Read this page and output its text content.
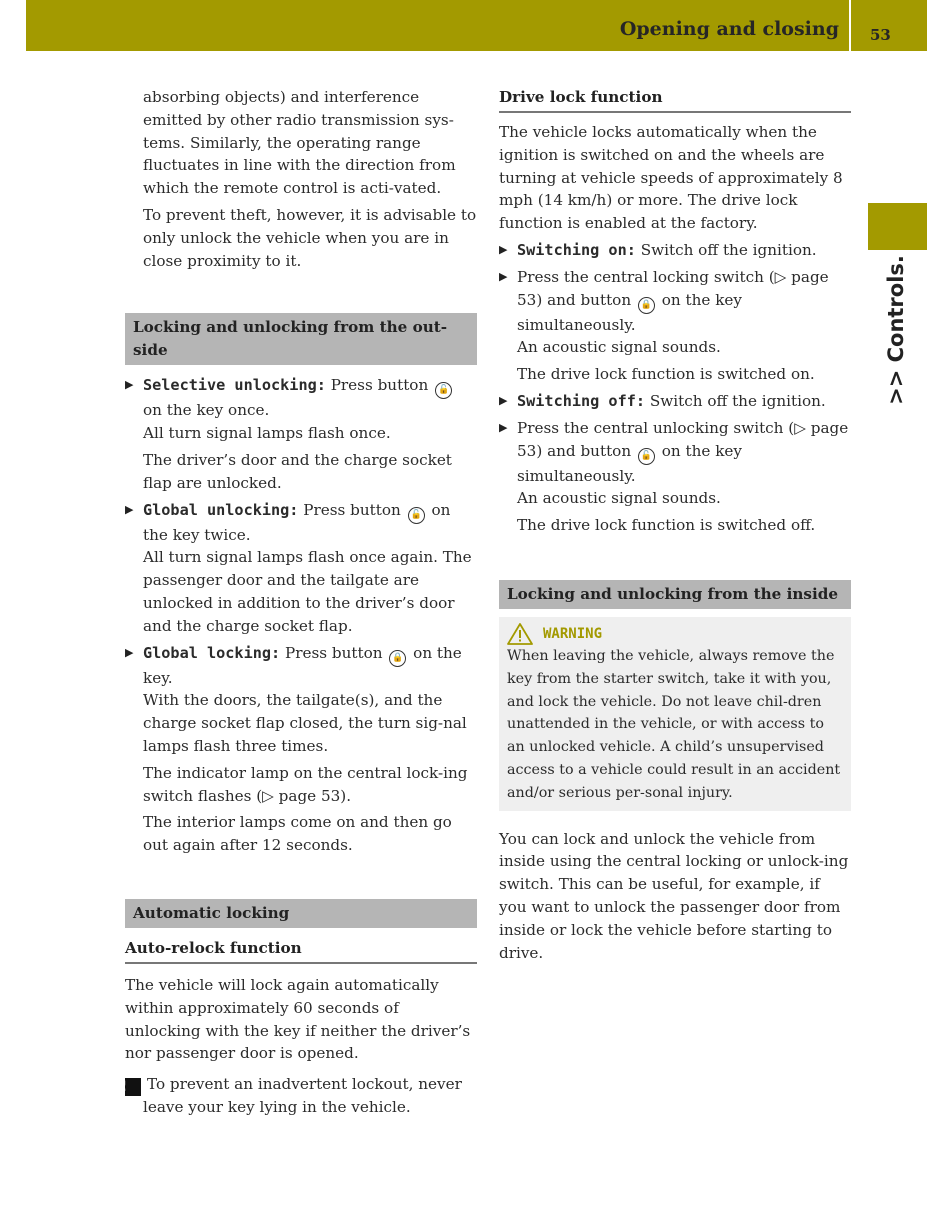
Opening and closing 53
>> Controls.

absorbing objects) and interference emitted by other radio transmission sys-tems. Similarly, the operating range fluctuates in line with the direction from which the remote control is acti-vated.

To prevent theft, however, it is advisable to only unlock the vehicle when you are in close proximity to it.

Locking and unlocking from the out-side

▶ Selective unlocking: Press button 🔓 on the key once.

All turn signal lamps flash once.

The driver’s door and the charge socket flap are unlocked.

▶ Global unlocking: Press button 🔓 on the key twice.

All turn signal lamps flash once again. The passenger door and the tailgate are unlocked in addition to the driver’s door and the charge socket flap.

▶ Global locking: Press button 🔒 on the key.

With the doors, the tailgate(s), and the charge socket flap closed, the turn sig-nal lamps flash three times.

The indicator lamp on the central lock-ing switch flashes (▷ page 53).

The interior lamps come on and then go out again after 12 seconds.

Automatic locking
Auto-relock function

The vehicle will lock again automatically within approximately 60 seconds of unlocking with the key if neither the driver’s nor passenger door is opened.

! To prevent an inadvertent lockout, never leave your key lying in the vehicle.

Drive lock function

The vehicle locks automatically when the ignition is switched on and the wheels are turning at vehicle speeds of approximately 8 mph (14 km/h) or more. The drive lock function is enabled at the factory.

▶ Switching on: Switch off the ignition.

▶ Press the central locking switch (▷ page 53) and button 🔒 on the key simultaneously.

An acoustic signal sounds.

The drive lock function is switched on.

▶ Switching off: Switch off the ignition.

▶ Press the central unlocking switch (▷ page 53) and button 🔓 on the key simultaneously.

An acoustic signal sounds.

The drive lock function is switched off.

Locking and unlocking from the inside
WARNING

When leaving the vehicle, always remove the key from the starter switch, take it with you, and lock the vehicle. Do not leave chil-dren unattended in the vehicle, or with access to an unlocked vehicle. A child’s unsupervised access to a vehicle could result in an accident and/or serious per-sonal injury.

You can lock and unlock the vehicle from inside using the central locking or unlock-ing switch. This can be useful, for example, if you want to unlock the passenger door from inside or lock the vehicle before starting to drive.
